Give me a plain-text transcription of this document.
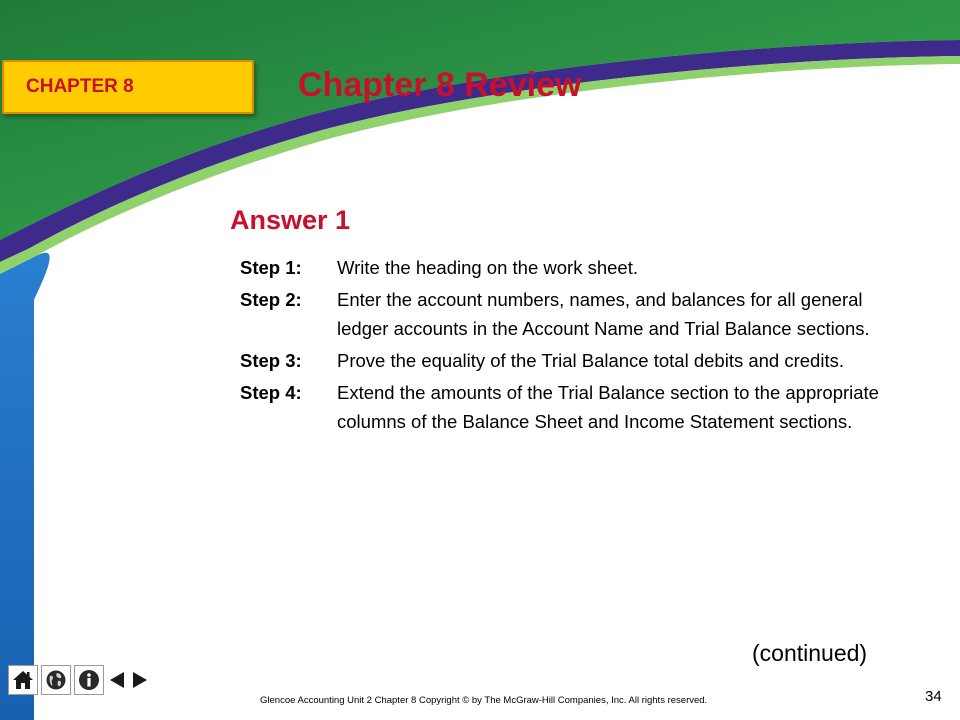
CHAPTER 8	Chapter 8 Review
Answer 1
Step 1:	Write the heading on the work sheet.
Step 2:	Enter the account numbers, names, and balances for all general ledger accounts in the Account Name and Trial Balance sections.
Step 3:	Prove the equality of the Trial Balance total debits and credits.
Step 4:	Extend the amounts of the Trial Balance section to the appropriate columns of the Balance Sheet and Income Statement sections.
(continued)
Glencoe Accounting Unit 2 Chapter 8 Copyright © by The McGraw-Hill Companies, Inc. All rights reserved.	34
